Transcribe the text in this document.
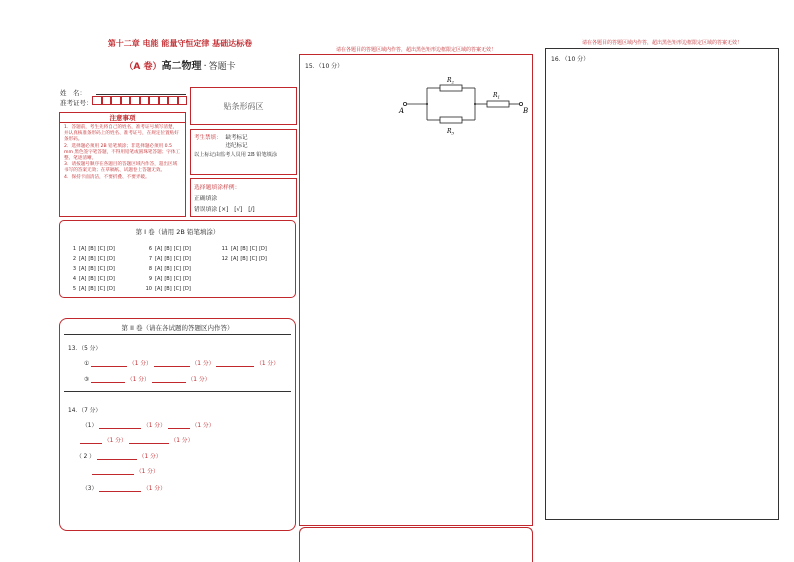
第十二章 电能 能量守恒定律 基础达标卷
（A 卷）高二物理 · 答题卡
姓　名：
准考证号：	贴条形码区
注意事项
1．答题前，考生先将自己的姓名，准考证号填写清楚，并认真核准条形码上的姓名、准考证号，在规定位置贴好条形码。
2．选择题必须用 2B 铅笔填涂；非选择题必须用 0.5 mm 黑色签字笔答题，不得用铅笔或圆珠笔答题；字体工整、笔迹清晰。
3．请按题号顺序在各题目的答题区域内作答，超出区域书写的答案无效；在草稿纸、试题卷上答题无效。
4．保持卡面清洁，不要折叠、不要弄破。
考生禁填： 缺考标记
违纪标记
以上标记由监考人员用 2B 铅笔填涂
选择题填涂样例：
正确填涂
错误填涂 [×]　[√]　[/]
第 I 卷（请用 2B 铅笔填涂）
1 [A] [B] [C] [D]
2 [A] [B] [C] [D]
3 [A] [B] [C] [D]
4 [A] [B] [C] [D]
5 [A] [B] [C] [D]
6 [A] [B] [C] [D]
7 [A] [B] [C] [D]
8 [A] [B] [C] [D]
9 [A] [B] [C] [D]
10 [A] [B] [C] [D]
11 [A] [B] [C] [D]
12 [A] [B] [C] [D]
第 II 卷（请在各试题的答题区内作答）
13．（5 分）
①	（1 分）	（1 分）	（1 分）
③	（1 分）	（1 分）
14．（7 分）
（1）	（1 分）	（1 分）
（1 分）	（1 分）
（ 2 ）	（1 分）
（1 分）
（3）	（1 分）
请在各题目的答题区域内作答，超出黑色矩形边框限定区域的答案无效！
15．（10 分）
A	B
$R_2$
$R_3$
$R_1$
请在各题目的答题区域内作答，超出黑色矩形边框限定区域的答案无效！
16．（10 分）
